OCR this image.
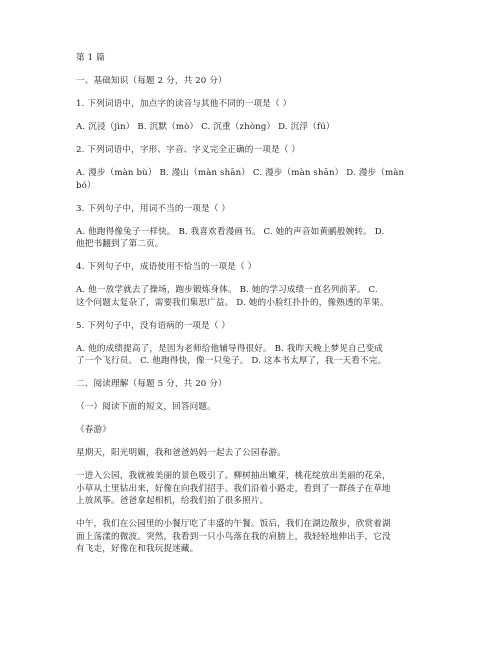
第 1 篇

一、基础知识（每题 2 分，共 20 分）

1. 下列词语中，加点字的读音与其他不同的一项是（ ）

A. 沉浸（jìn） B. 沉默（mò） C. 沉重（zhòng） D. 沉浮（fú）

2. 下列词语中，字形、字音、字义完全正确的一项是（ ）

A. 漫步（màn bù） B. 漫山（màn shān） C. 漫步（màn shān） D. 漫步（màn

bó）

3. 下列句子中，用词不当的一项是（ ）

A. 他跑得像兔子一样快。 B. 我喜欢看漫画书。 C. 她的声音如黄鹂般婉转。 D.

他把书翻到了第二页。

4. 下列句子中，成语使用不恰当的一项是（ ）

A. 他一放学就去了操场，跑步锻炼身体。 B. 她的学习成绩一直名列前茅。 C.

这个问题太复杂了，需要我们集思广益。 D. 她的小脸红扑扑的，像熟透的苹果。

5. 下列句子中，没有语病的一项是（ ）

A. 他的成绩提高了，是因为老师给他辅导得很好。 B. 我昨天晚上梦见自己变成

了一个飞行员。 C. 他跑得快，像一只兔子。 D. 这本书太厚了，我一天看不完。

二、阅读理解（每题 5 分，共 20 分）

（一）阅读下面的短文，回答问题。

《春游》

星期天，阳光明媚，我和爸爸妈妈一起去了公园春游。

一进入公园，我就被美丽的景色吸引了。柳树抽出嫩芽，桃花绽放出美丽的花朵，

小草从土里钻出来，好像在向我们招手。我们沿着小路走，看到了一群孩子在草地

上放风筝。爸爸拿起相机，给我们拍了很多照片。

中午，我们在公园里的小餐厅吃了丰盛的午餐。饭后，我们在湖边散步，欣赏着湖

面上荡漾的微波。突然，我看到一只小鸟落在我的肩膀上，我轻轻地伸出手，它没

有飞走，好像在和我玩捉迷藏。
